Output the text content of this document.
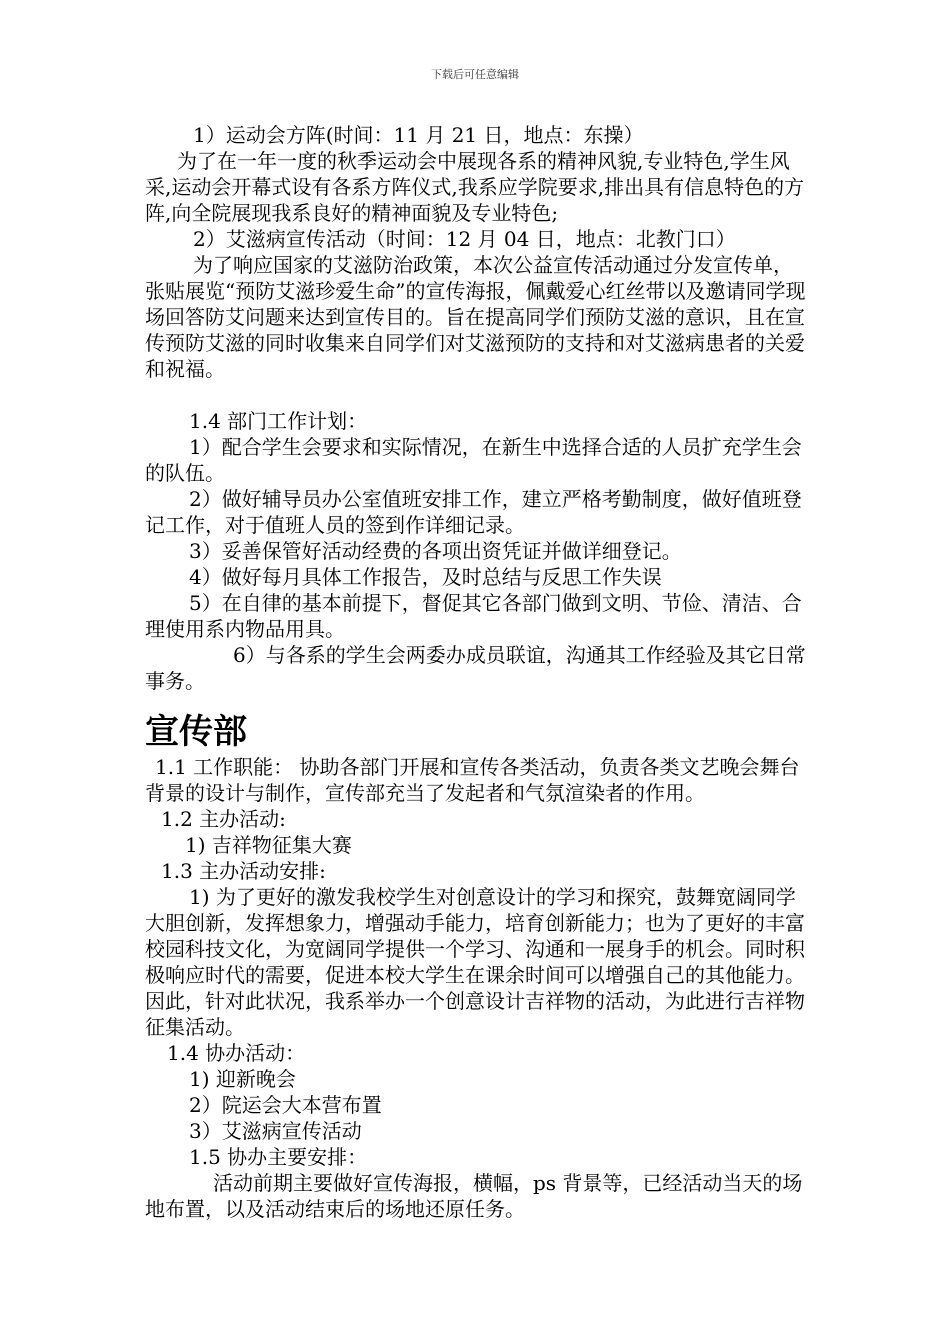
下载后可任意编辑

1）运动会方阵(时间：11 月 21 日，地点：东操）

为了在一年一度的秋季运动会中展现各系的精神风貌,专业特色,学生风采,运动会开幕式设有各系方阵仪式,我系应学院要求,排出具有信息特色的方阵,向全院展现我系良好的精神面貌及专业特色;

2）艾滋病宣传活动（时间：12 月 04 日，地点：北教门口）

为了响应国家的艾滋防治政策，本次公益宣传活动通过分发宣传单，张贴展览“预防艾滋珍爱生命”的宣传海报，佩戴爱心红丝带以及邀请同学现场回答防艾问题来达到宣传目的。旨在提高同学们预防艾滋的意识，且在宣传预防艾滋的同时收集来自同学们对艾滋预防的支持和对艾滋病患者的关爱和祝福。

1.4 部门工作计划：

1）配合学生会要求和实际情况，在新生中选择合适的人员扩充学生会的队伍。

2）做好辅导员办公室值班安排工作，建立严格考勤制度，做好值班登记工作，对于值班人员的签到作详细记录。

3）妥善保管好活动经费的各项出资凭证并做详细登记。

4）做好每月具体工作报告，及时总结与反思工作失误

5）在自律的基本前提下，督促其它各部门做到文明、节俭、清洁、合理使用系内物品用具。

6）与各系的学生会两委办成员联谊，沟通其工作经验及其它日常事务。

宣传部

1.1 工作职能： 协助各部门开展和宣传各类活动，负责各类文艺晚会舞台背景的设计与制作，宣传部充当了发起者和气氛渲染者的作用。

1.2 主办活动:

1) 吉祥物征集大赛

1.3 主办活动安排:

1) 为了更好的激发我校学生对创意设计的学习和探究，鼓舞宽阔同学大胆创新，发挥想象力，增强动手能力，培育创新能力；也为了更好的丰富校园科技文化，为宽阔同学提供一个学习、沟通和一展身手的机会。同时积极响应时代的需要，促进本校大学生在课余时间可以增强自己的其他能力。因此，针对此状况，我系举办一个创意设计吉祥物的活动，为此进行吉祥物征集活动。

1.4 协办活动：

1) 迎新晚会

2）院运会大本营布置

3）艾滋病宣传活动

1.5 协办主要安排：

活动前期主要做好宣传海报，横幅，ps 背景等，已经活动当天的场地布置，以及活动结束后的场地还原任务。
